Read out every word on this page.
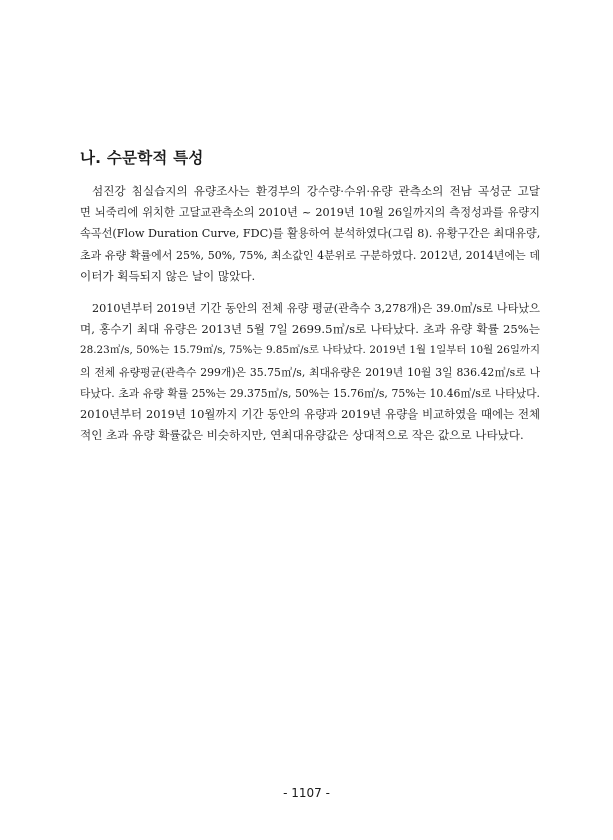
나. 수문학적 특성
섬진강 침실습지의 유량조사는 환경부의 강수량·수위·유량 관측소의 전남 곡성군 고달
면 뇌죽리에 위치한 고달교관측소의 2010년 ~ 2019년 10월 26일까지의 측정성과를 유량지
속곡선(Flow Duration Curve, FDC)를 활용하여 분석하였다(그림 8). 유황구간은 최대유량,
초과 유량 확률에서 25%, 50%, 75%, 최소값인 4분위로 구분하였다. 2012년, 2014년에는 데
이터가 획득되지 않은 날이 많았다.
2010년부터 2019년 기간 동안의 전체 유량 평균(관측수 3,278개)은 39.0㎥/s로 나타났으
며, 홍수기 최대 유량은 2013년 5월 7일 2699.5㎥/s로 나타났다. 초과 유량 확률 25%는
28.23㎥/s, 50%는 15.79㎥/s, 75%는 9.85㎥/s로 나타났다. 2019년 1월 1일부터 10월 26일까지
의 전체 유량평균(관측수 299개)은 35.75㎥/s, 최대유량은 2019년 10월 3일 836.42㎥/s로 나
타났다. 초과 유량 확률 25%는 29.375㎥/s, 50%는 15.76㎥/s, 75%는 10.46㎥/s로 나타났다.
2010년부터 2019년 10월까지 기간 동안의 유량과 2019년 유량을 비교하였을 때에는 전체
적인 초과 유량 확률값은 비슷하지만, 연최대유량값은 상대적으로 작은 값으로 나타났다.
- 1107 -
